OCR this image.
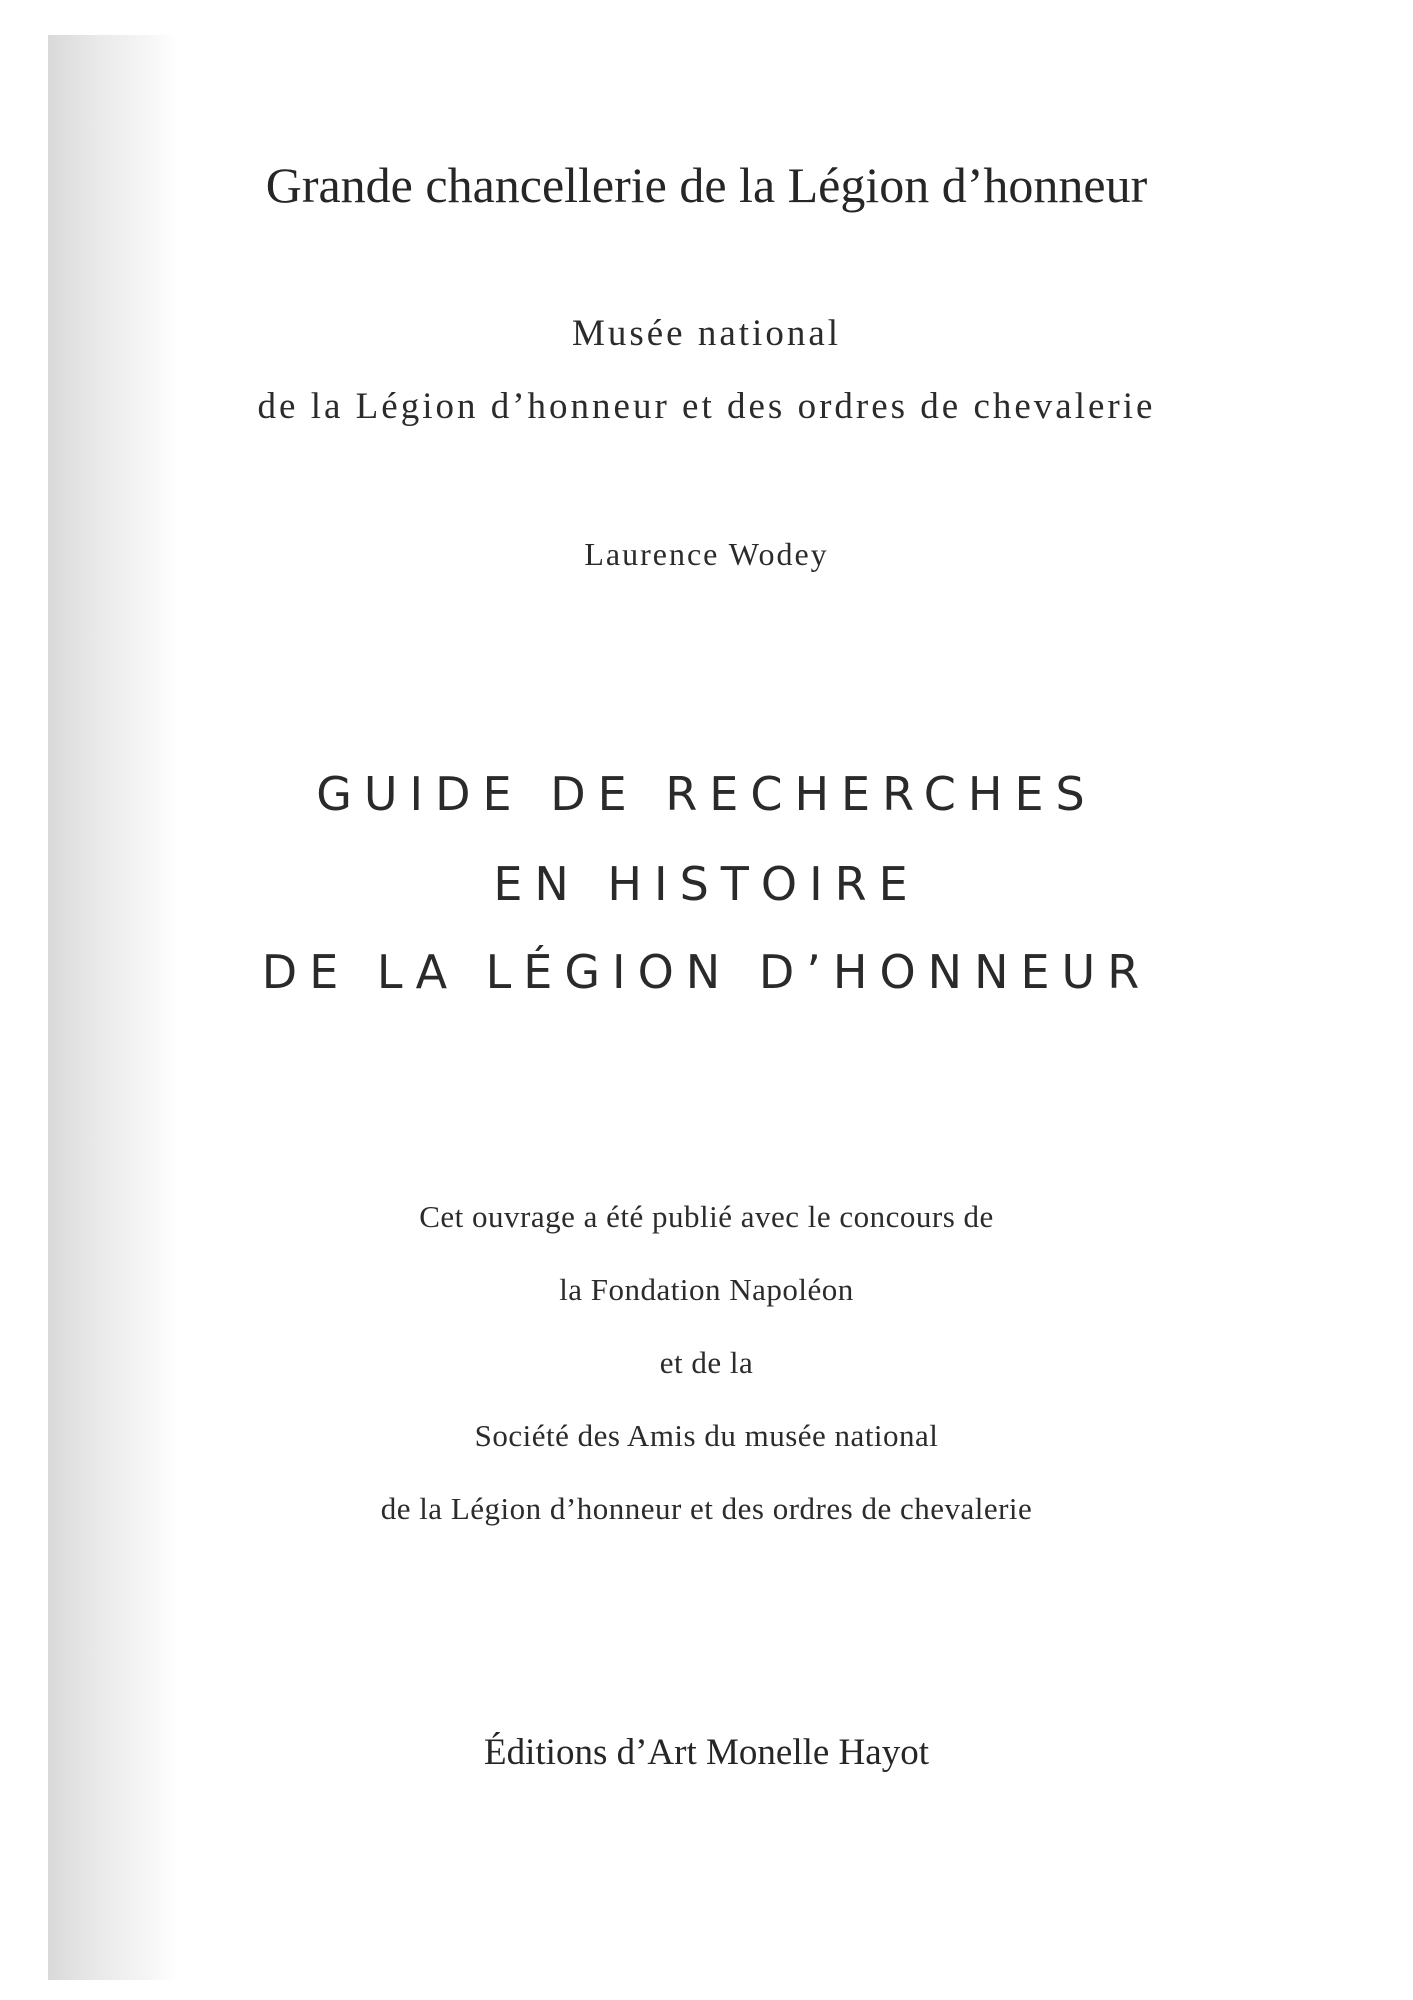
Grande chancellerie de la Légion d’honneur
Musée national
de la Légion d’honneur et des ordres de chevalerie
Laurence Wodey
GUIDE DE RECHERCHES
EN HISTOIRE
DE LA LÉGION D’HONNEUR
Cet ouvrage a été publié avec le concours de
la Fondation Napoléon
et de la
Société des Amis du musée national
de la Légion d’honneur et des ordres de chevalerie
Éditions d’Art Monelle Hayot
